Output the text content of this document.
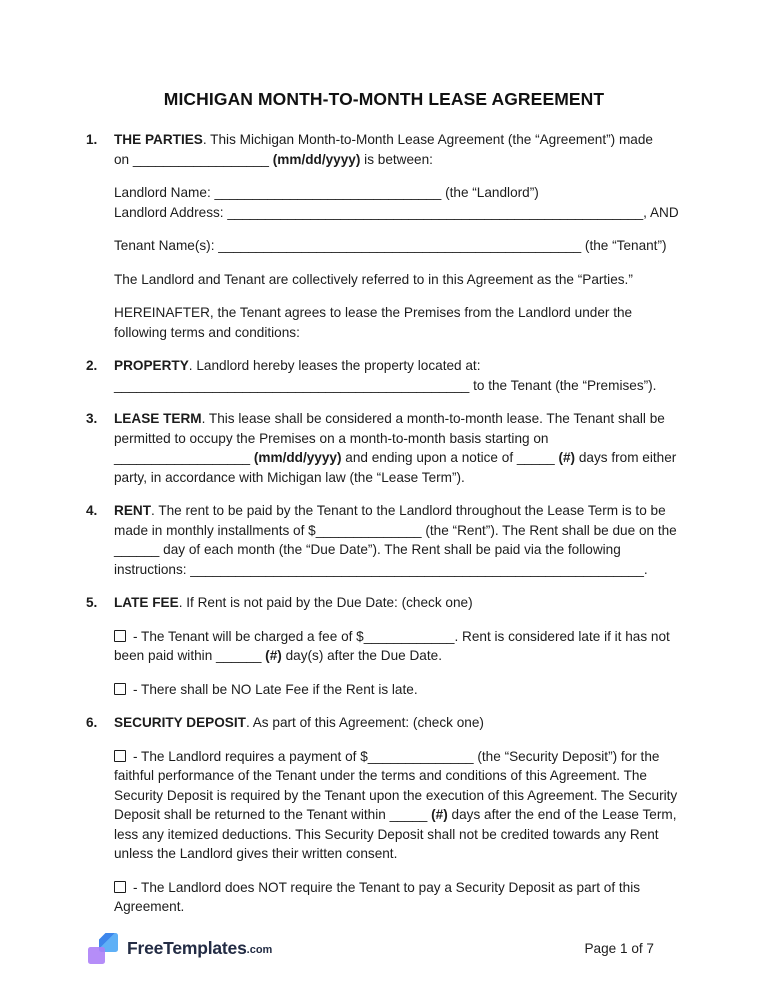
MICHIGAN MONTH-TO-MONTH LEASE AGREEMENT
1. THE PARTIES. This Michigan Month-to-Month Lease Agreement (the “Agreement”) made on __________________ (mm/dd/yyyy) is between:
Landlord Name: ______________________________ (the “Landlord”)
Landlord Address: _______________________________________________________, AND
Tenant Name(s): ________________________________________________ (the “Tenant”)
The Landlord and Tenant are collectively referred to in this Agreement as the “Parties.”
HEREINAFTER, the Tenant agrees to lease the Premises from the Landlord under the following terms and conditions:
2. PROPERTY. Landlord hereby leases the property located at:
_______________________________________________ to the Tenant (the “Premises”).
3. LEASE TERM. This lease shall be considered a month-to-month lease. The Tenant shall be permitted to occupy the Premises on a month-to-month basis starting on __________________ (mm/dd/yyyy) and ending upon a notice of _____ (#) days from either party, in accordance with Michigan law (the “Lease Term”).
4. RENT. The rent to be paid by the Tenant to the Landlord throughout the Lease Term is to be made in monthly installments of $______________ (the “Rent”). The Rent shall be due on the ______ day of each month (the “Due Date”). The Rent shall be paid via the following instructions: ____________________________________________________________.
5. LATE FEE. If Rent is not paid by the Due Date: (check one)
- The Tenant will be charged a fee of $____________. Rent is considered late if it has not been paid within ______ (#) day(s) after the Due Date.
- There shall be NO Late Fee if the Rent is late.
6. SECURITY DEPOSIT. As part of this Agreement: (check one)
- The Landlord requires a payment of $______________ (the “Security Deposit”) for the faithful performance of the Tenant under the terms and conditions of this Agreement. The Security Deposit is required by the Tenant upon the execution of this Agreement. The Security Deposit shall be returned to the Tenant within _____ (#) days after the end of the Lease Term, less any itemized deductions. This Security Deposit shall not be credited towards any Rent unless the Landlord gives their written consent.
- The Landlord does NOT require the Tenant to pay a Security Deposit as part of this Agreement.
FreeTemplates .com	Page 1 of 7
